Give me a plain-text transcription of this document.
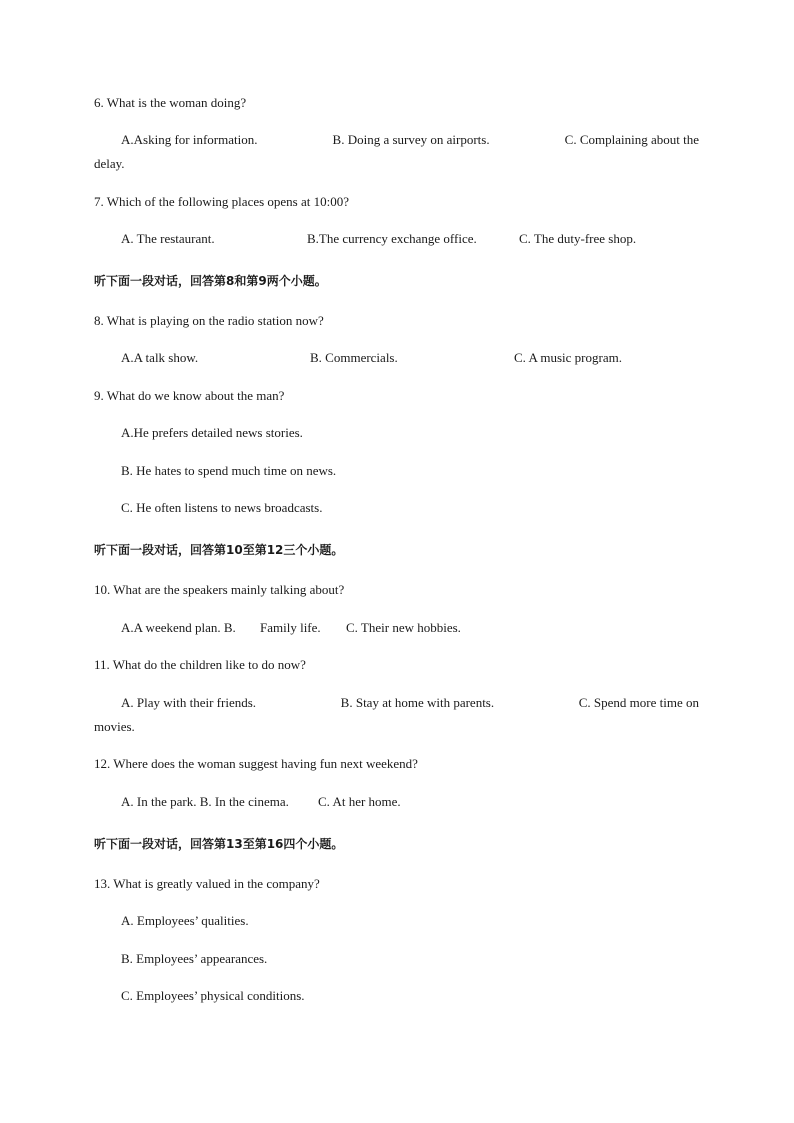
6. What is the woman doing?
A.Asking for information.	B. Doing a survey on airports.	C. Complaining about the
delay.
7. Which of the following places opens at 10:00?
A. The restaurant.	B.The currency exchange office.	C. The duty-free shop.
听下面一段对话，回答第8和第9两个小题。
8. What is playing on the radio station now?
A.A talk show.	B. Commercials.	C. A music program.
9. What do we know about the man?
A.He prefers detailed news stories.
B. He hates to spend much time on news.
C. He often listens to news broadcasts.
听下面一段对话，回答第10至第12三个小题。
10. What are the speakers mainly talking about?
A.A weekend plan. B. Family life. C. Their new hobbies.
11. What do the children like to do now?
A. Play with their friends.	B. Stay at home with parents.	C. Spend more time on
movies.
12. Where does the woman suggest having fun next weekend?
A. In the park. B. In the cinema. C. At her home.
听下面一段对话，回答第13至第16四个小题。
13. What is greatly valued in the company?
A. Employees’ qualities.
B. Employees’ appearances.
C. Employees’ physical conditions.
